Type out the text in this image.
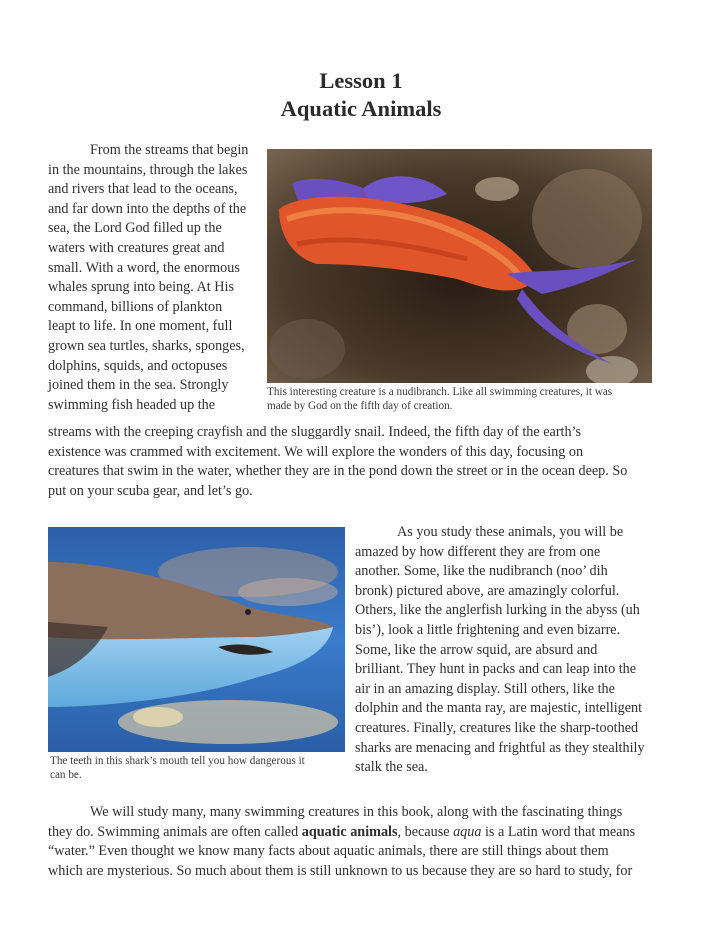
Lesson 1
Aquatic Animals
From the streams that begin
in the mountains, through the lakes
and rivers that lead to the oceans,
and far down into the depths of the
sea, the Lord God filled up the
waters with creatures great and
small. With a word, the enormous
whales sprung into being. At His
command, billions of plankton
leapt to life. In one moment, full
grown sea turtles, sharks, sponges,
dolphins, squids, and octopuses
joined them in the sea. Strongly
swimming fish headed up the
streams with the creeping crayfish and the sluggardly snail. Indeed, the fifth day of the earth’s
existence was crammed with excitement. We will explore the wonders of this day, focusing on
creatures that swim in the water, whether they are in the pond down the street or in the ocean deep. So
put on your scuba gear, and let’s go.
This interesting creature is a nudibranch. Like all swimming creatures, it was
made by God on the fifth day of creation.
The teeth in this shark’s mouth tell you how dangerous it
can be.
As you study these animals, you will be
amazed by how different they are from one
another. Some, like the nudibranch (noo’ dih
bronk) pictured above, are amazingly colorful.
Others, like the anglerfish lurking in the abyss (uh
bis’), look a little frightening and even bizarre.
Some, like the arrow squid, are absurd and
brilliant. They hunt in packs and can leap into the
air in an amazing display. Still others, like the
dolphin and the manta ray, are majestic, intelligent
creatures. Finally, creatures like the sharp-toothed
sharks are menacing and frightful as they stealthily
stalk the sea.
We will study many, many swimming creatures in this book, along with the fascinating things
they do. Swimming animals are often called aquatic animals, because aqua is a Latin word that means
“water.” Even thought we know many facts about aquatic animals, there are still things about them
which are mysterious. So much about them is still unknown to us because they are so hard to study, for
